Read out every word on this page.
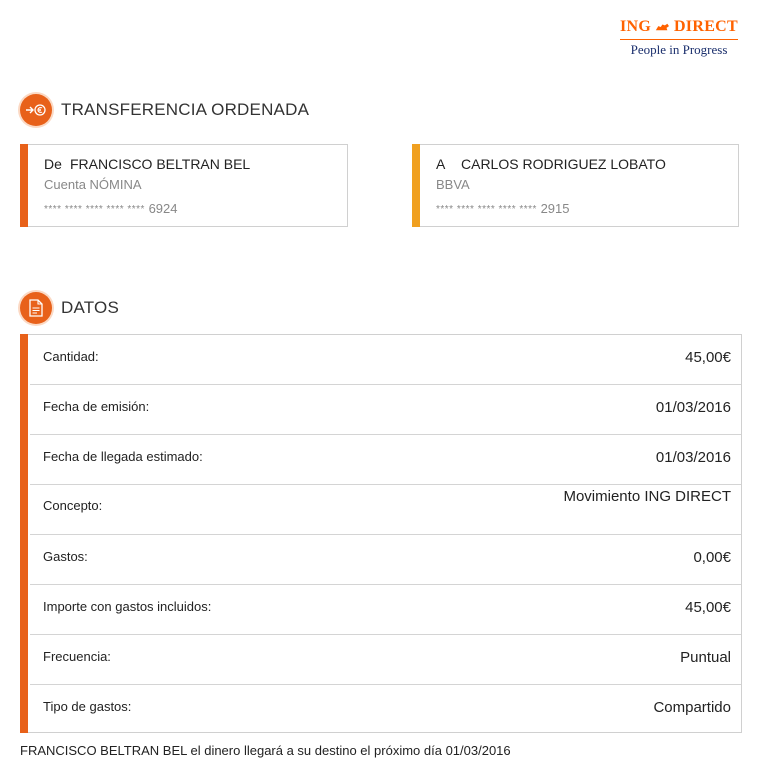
ING DIRECT
People in Progress
TRANSFERENCIA ORDENADA
De FRANCISCO BELTRAN BEL
Cuenta NÓMINA
**** **** **** **** **** 6924
A CARLOS RODRIGUEZ LOBATO
BBVA
**** **** **** **** **** 2915
DATOS
Cantidad:	45,00€
Fecha de emisión:	01/03/2016
Fecha de llegada estimado:	01/03/2016
Concepto:
Movimiento ING DIRECT
Gastos:	0,00€
Importe con gastos incluidos:	45,00€
Frecuencia:	Puntual
Tipo de gastos:	Compartido
FRANCISCO BELTRAN BEL el dinero llegará a su destino el próximo día 01/03/2016
